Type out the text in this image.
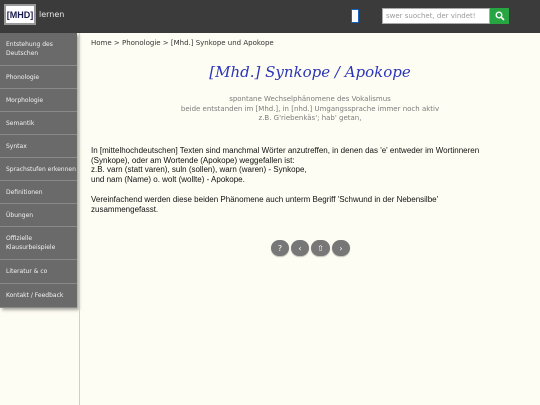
[MHD] lernen
swer suochet, der vindet!
Entstehung des Deutschen
Phonologie
Morphologie
Semantik
Syntax
Sprachstufen erkennen
Definitionen
Übungen
Offizielle Klausurbeispiele
Literatur & co
Kontakt / Feedback
Home > Phonologie > [Mhd.] Synkope und Apokope
[Mhd.] Synkope / Apokope
spontane Wechselphänomene des Vokalismus
beide entstanden im [Mhd.], in [nhd.] Umgangssprache immer noch aktiv
z.B. G'riebenkäs'; hab' getan,
In [mittelhochdeutschen] Texten sind manchmal Wörter anzutreffen, in denen das 'e' entweder im Wortinneren
(Synkope), oder am Wortende (Apokope) weggefallen ist:
z.B. varn (statt varen), suln (sollen), warn (waren) - Synkope,
und nam (Name) o. wolt (wollte) - Apokope.
Vereinfachend werden diese beiden Phänomene auch unterm Begriff 'Schwund in der Nebensilbe'
zusammengefasst.
?	‹	⇧	›
